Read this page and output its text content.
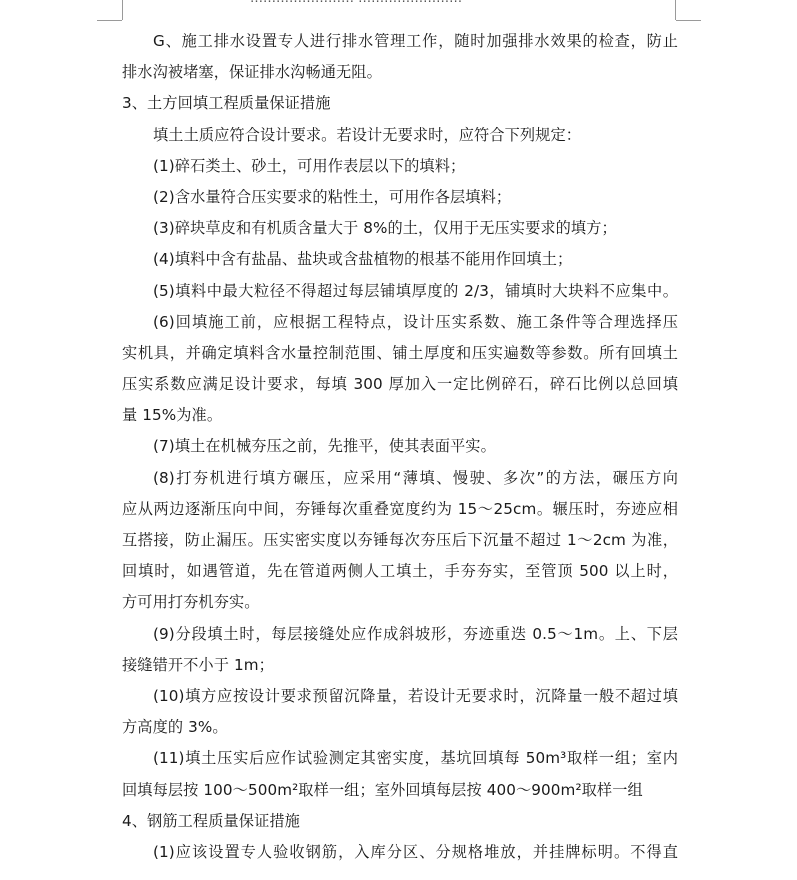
G、施工排水设置专人进行排水管理工作，随时加强排水效果的检查，防止
排水沟被堵塞，保证排水沟畅通无阻。
3、土方回填工程质量保证措施
填土土质应符合设计要求。若设计无要求时，应符合下列规定：
(1)碎石类土、砂土，可用作表层以下的填料；
(2)含水量符合压实要求的粘性土，可用作各层填料；
(3)碎块草皮和有机质含量大于 8%的土，仅用于无压实要求的填方；
(4)填料中含有盐晶、盐块或含盐植物的根基不能用作回填土；
(5)填料中最大粒径不得超过每层铺填厚度的 2/3，铺填时大块料不应集中。
(6)回填施工前，应根据工程特点，设计压实系数、施工条件等合理选择压
实机具，并确定填料含水量控制范围、铺土厚度和压实遍数等参数。所有回填土
压实系数应满足设计要求，每填 300 厚加入一定比例碎石，碎石比例以总回填
量 15%为准。
(7)填土在机械夯压之前，先推平，使其表面平实。
(8)打夯机进行填方碾压，应采用“薄填、慢驶、多次”的方法，碾压方向
应从两边逐渐压向中间，夯锤每次重叠宽度约为 15～25cm。辗压时，夯迹应相
互搭接，防止漏压。压实密实度以夯锤每次夯压后下沉量不超过 1～2cm 为准，
回填时，如遇管道，先在管道两侧人工填土，手夯夯实，至管顶 500 以上时，
方可用打夯机夯实。
(9)分段填土时，每层接缝处应作成斜坡形，夯迹重迭 0.5～1m。上、下层
接缝错开不小于 1m；
(10)填方应按设计要求预留沉降量，若设计无要求时，沉降量一般不超过填
方高度的 3%。
(11)填土压实后应作试验测定其密实度，基坑回填每 50m³取样一组；室内
回填每层按 100～500m²取样一组；室外回填每层按 400～900m²取样一组
4、钢筋工程质量保证措施
(1)应该设置专人验收钢筋，入库分区、分规格堆放，并挂牌标明。不得直
